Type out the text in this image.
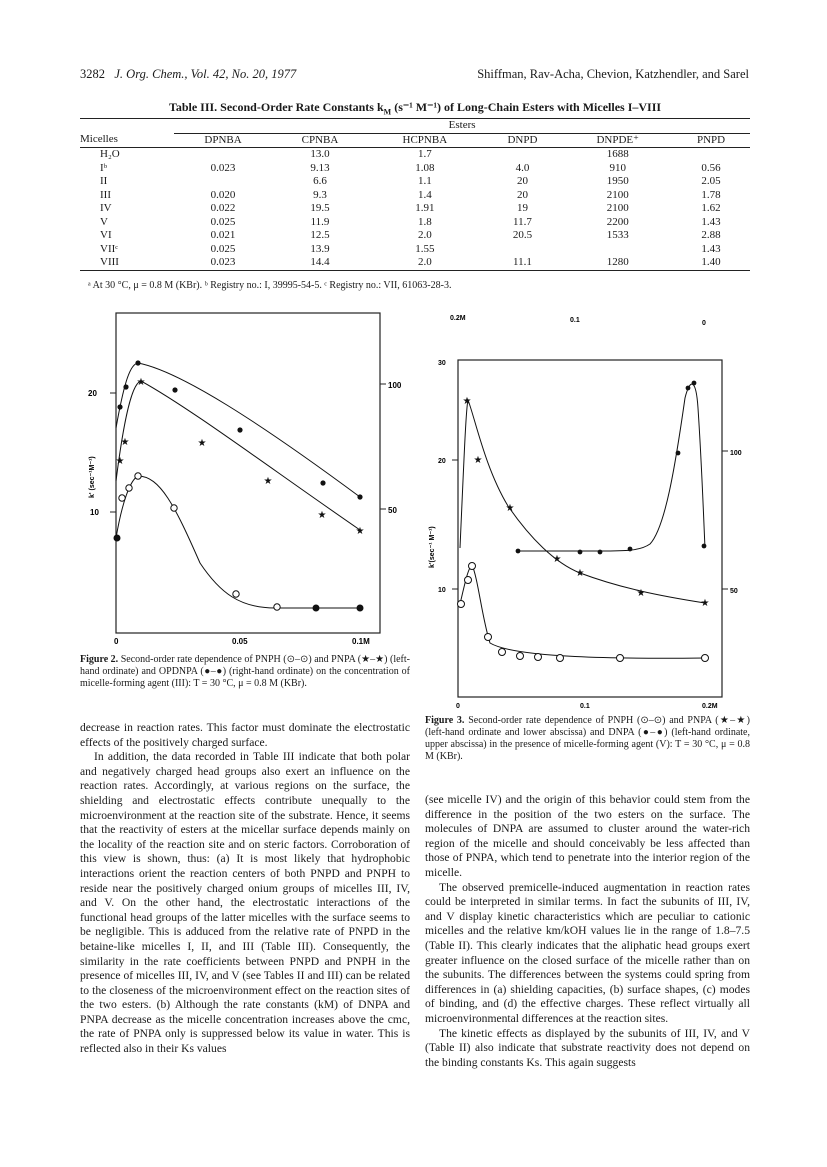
3282 J. Org. Chem., Vol. 42, No. 20, 1977	Shiffman, Rav-Acha, Chevion, Katzhendler, and Sarel
Table III. Second-Order Rate Constants $k_M$ (s⁻¹ M⁻¹) of Long-Chain Esters with Micelles I–VIII
	Esters					
Micelles	DPNBA	CPNBA	HCPNBA	DNPD	DNPDE⁺	PNPD
H₂O		13.0	1.7		1688	
Iᵇ	0.023	9.13	1.08	4.0	910	0.56
II		6.6	1.1	20	1950	2.05
III	0.020	9.3	1.4	20	2100	1.78
IV	0.022	19.5	1.91	19	2100	1.62
V	0.025	11.9	1.8	11.7	2200	1.43
VI	0.021	12.5	2.0	20.5	1533	2.88
VIIᶜ	0.025	13.9	1.55			1.43
VIII	0.023	14.4	2.0	11.1	1280	1.40
ᵃ At 30 °C, μ = 0.8 M (KBr). ᵇ Registry no.: I, 39995-54-5. ᶜ Registry no.: VII, 61063-28-3.
20
10
100
50
k' (sec⁻¹M⁻¹)
0	0.05	0.1M
★
★
★
★
★
★
★
Figure 2. Second-order rate dependence of PNPH (⊙–⊙) and PNPA (★–★) (left-hand ordinate) and OPDNPA (●–●) (right-hand ordinate) on the concentration of micelle-forming agent (III): T = 30 °C, μ = 0.8 M (KBr).
0.2M	0.1	0
30
20
10
100
50
k'(sec⁻¹ M⁻¹)
0	0.1	0.2M
★
★
★
★
★
★
★
Figure 3. Second-order rate dependence of PNPH (⊙–⊙) and PNPA (★–★) (left-hand ordinate and lower abscissa) and DNPA (●–●) (left-hand ordinate, upper abscissa) in the presence of micelle-forming agent (V): T = 30 °C, μ = 0.8 M (KBr).

decrease in reaction rates. This factor must dominate the electrostatic effects of the positively charged surface.

In addition, the data recorded in Table III indicate that both polar and negatively charged head groups also exert an influence on the reaction rates. Accordingly, at various regions on the surface, the shielding and electrostatic effects contribute unequally to the microenvironment at the reaction site of the substrate. Hence, it seems that the reactivity of esters at the micellar surface depends mainly on the locality of the reaction site and on steric factors. Corroboration of this view is shown, thus: (a) It is most likely that hydrophobic interactions orient the reaction centers of both PNPD and PNPH to reside near the positively charged onium groups of micelles III, IV, and V. On the other hand, the electrostatic interactions of the functional head groups of the latter micelles with the surface seems to be negligible. This is adduced from the relative rate of PNPD in the betaine-like micelles I, II, and III (Table III). Consequently, the similarity in the rate coefficients between PNPD and PNPH in the presence of micelles III, IV, and V (see Tables II and III) can be related to the closeness of the microenvironment effect on the reaction sites of the two esters. (b) Although the rate constants (kM) of DNPA and PNPA decrease as the micelle concentration increases above the cmc, the rate of PNPA only is suppressed below its value in water. This is reflected also in their Ks values

(see micelle IV) and the origin of this behavior could stem from the difference in the position of the two esters on the surface. The molecules of DNPA are assumed to cluster around the water-rich region of the micelle and should conceivably be less affected than those of PNPA, which tend to penetrate into the interior region of the micelle.

The observed premicelle-induced augmentation in reaction rates could be interpreted in similar terms. In fact the subunits of III, IV, and V display kinetic characteristics which are peculiar to cationic micelles and the relative km/kOH values lie in the range of 1.8–7.5 (Table II). This clearly indicates that the aliphatic head groups exert greater influence on the closed surface of the micelle rather than on the subunits. The differences between the systems could spring from differences in (a) shielding capacities, (b) surface shapes, (c) modes of binding, and (d) the effective charges. These reflect virtually all microenvironmental differences at the reaction sites.

The kinetic effects as displayed by the subunits of III, IV, and V (Table II) also indicate that substrate reactivity does not depend on the binding constants Ks. This again suggests
